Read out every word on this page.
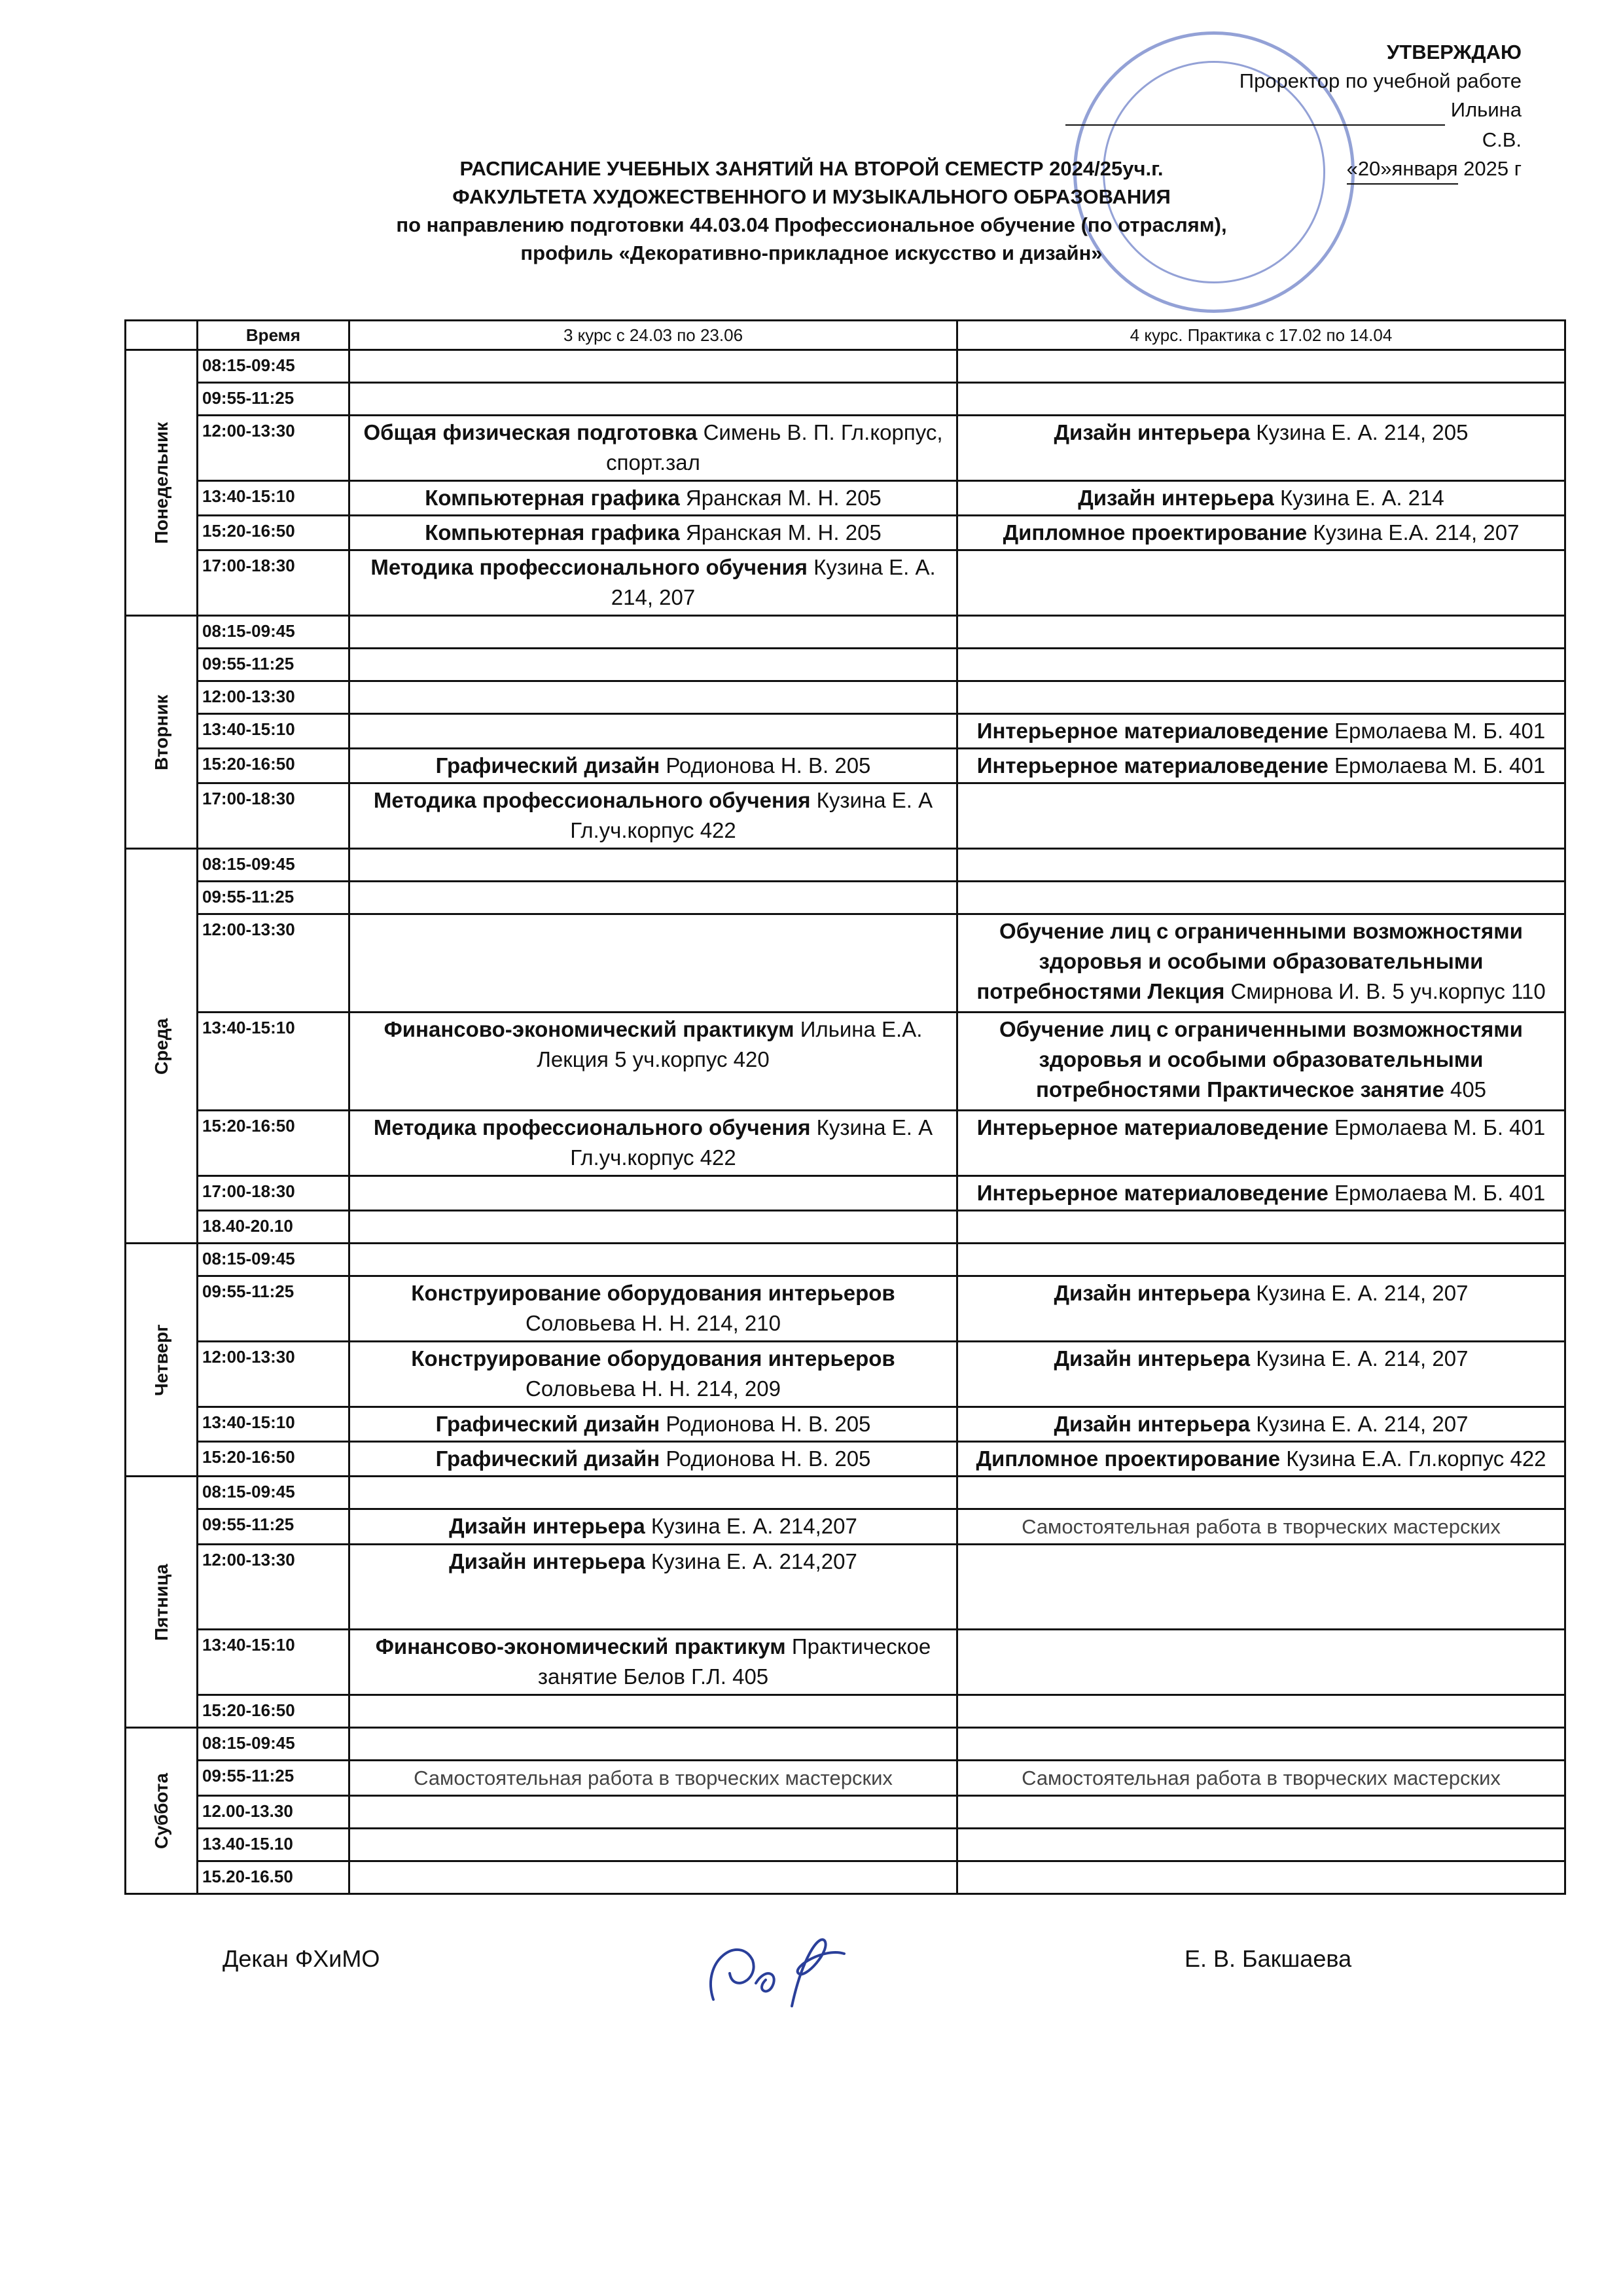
УТВЕРЖДАЮ
Проректор по учебной работе
Ильина С.В.
«20»января 2025 г
РАСПИСАНИЕ УЧЕБНЫХ ЗАНЯТИЙ НА ВТОРОЙ СЕМЕСТР 2024/25уч.г.
ФАКУЛЬТЕТА ХУДОЖЕСТВЕННОГО И МУЗЫКАЛЬНОГО ОБРАЗОВАНИЯ
по направлению подготовки 44.03.04 Профессиональное обучение (по отраслям),
профиль «Декоративно-прикладное искусство и дизайн»
	Время	3 курс с 24.03 по 23.06	4 курс. Практика с 17.02 по 14.04
Понедельник	08:15-09:45		
	09:55-11:25		
	12:00-13:30	Общая физическая подготовка Симень В. П. Гл.корпус, спорт.зал	Дизайн интерьера Кузина Е. А. 214, 205
	13:40-15:10	Компьютерная графика Яранская М. Н. 205	Дизайн интерьера Кузина Е. А. 214
	15:20-16:50	Компьютерная графика Яранская М. Н. 205	Дипломное проектирование Кузина Е.А. 214, 207
	17:00-18:30	Методика профессионального обучения Кузина Е. А. 214, 207	
Вторник	08:15-09:45		
	09:55-11:25		
	12:00-13:30		
	13:40-15:10		Интерьерное материаловедение Ермолаева М. Б. 401
	15:20-16:50	Графический дизайн Родионова Н. В. 205	Интерьерное материаловедение Ермолаева М. Б. 401
	17:00-18:30	Методика профессионального обучения Кузина Е. А Гл.уч.корпус 422	
Среда	08:15-09:45		
	09:55-11:25		
	12:00-13:30		Обучение лиц с ограниченными возможностями здоровья и особыми образовательными потребностями Лекция Смирнова И. В. 5 уч.корпус 110
	13:40-15:10	Финансово-экономический практикум Ильина Е.А. Лекция 5 уч.корпус 420	Обучение лиц с ограниченными возможностями здоровья и особыми образовательными потребностями Практическое занятие 405
	15:20-16:50	Методика профессионального обучения Кузина Е. А Гл.уч.корпус 422	Интерьерное материаловедение Ермолаева М. Б. 401
	17:00-18:30		Интерьерное материаловедение Ермолаева М. Б. 401
	18.40-20.10		
Четверг	08:15-09:45		
	09:55-11:25	Конструирование оборудования интерьеров Соловьева Н. Н. 214, 210	Дизайн интерьера Кузина Е. А. 214, 207
	12:00-13:30	Конструирование оборудования интерьеров Соловьева Н. Н. 214, 209	Дизайн интерьера Кузина Е. А. 214, 207
	13:40-15:10	Графический дизайн Родионова Н. В. 205	Дизайн интерьера Кузина Е. А. 214, 207
	15:20-16:50	Графический дизайн Родионова Н. В. 205	Дипломное проектирование Кузина Е.А. Гл.корпус 422
Пятница	08:15-09:45		
	09:55-11:25	Дизайн интерьера Кузина Е. А. 214,207	Самостоятельная работа в творческих мастерских
	12:00-13:30	Дизайн интерьера Кузина Е. А. 214,207	
	13:40-15:10	Финансово-экономический практикум Практическое занятие Белов Г.Л. 405	
	15:20-16:50		
Суббота	08:15-09:45		
	09:55-11:25	Самостоятельная работа в творческих мастерских	Самостоятельная работа в творческих мастерских
	12.00-13.30		
	13.40-15.10		
	15.20-16.50		
Декан ФХиМО	Е. В. Бакшаева
